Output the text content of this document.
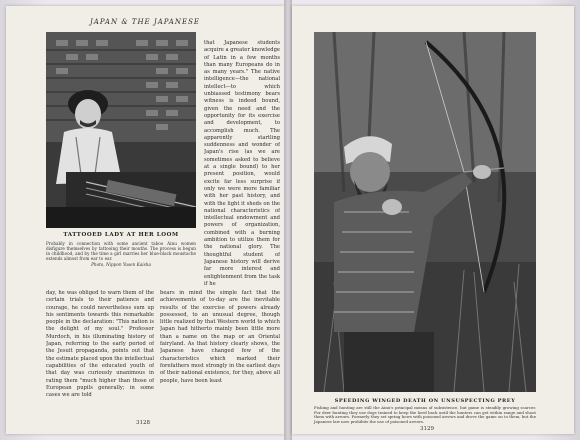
JAPAN & THE JAPANESE
TATTOOED LADY AT HER LOOM
Probably in connection with some ancient taboo Ainu women disfigure themselves by tattooing their mouths. The process is begun in childhood, and by the time a girl marries her blue-black moustache extends almost from ear to ear.
Photo, Nippon Yusen Kaisha
that Japanese students acquire a greater knowledge of Latin in a few months than many Europeans do in as many years." The native intelligence—the national intellect—to which unbiassed testimony bears witness is indeed bound, given the need and the opportunity for its exercise and development, to accomplish much. The apparently startling suddenness and wonder of Japan's rise (as we are sometimes asked to believe at a single bound) to her present position, would excite far less surprise if only we were more familiar with her past history, and with the light it sheds on the national characteristics of intellectual endowment and powers of organization, combined with a burning ambition to utilize them for the national glory. The thoughtful student of Japanese history will derive far more interest and enlightenment from the task if he
day, he was obliged to warn them of the certain trials to their patience and courage, he could nevertheless sum up his sentiments towards this remarkable people in the declaration: "This nation is the delight of my soul." Professor Murdoch, in his illuminating history of Japan, referring to the early period of the Jesuit propaganda, points out that the estimate placed upon the intellectual capabilities of the educated youth of that day was curiously unanimous in rating them "much higher than those of European pupils generally; in some cases we are told
bears in mind the simple fact that the achievements of to-day are the inevitable results of the exercise of powers already possessed, to an unusual degree, though little realized by that Western world to which Japan had hitherto mainly been little more than a name on the map or an Oriental fairyland. As that history clearly shows, the Japanese have changed few of the characteristics which marked their forefathers most strongly in the earliest days of their national existence, for they, above all people, have been least
3128
SPEEDING WINGED DEATH ON UNSUSPECTING PREY
Fishing and hunting are still the Ainu's principal means of subsistence, but game is steadily growing scarcer. For deer hunting they use dogs trained to keep the herd back until the hunters can get within range and shoot them with arrows. Formerly they set spring bows with poisoned arrows and drove the game on to them, but the Japanese law now prohibits the use of poisoned arrows.
3129
